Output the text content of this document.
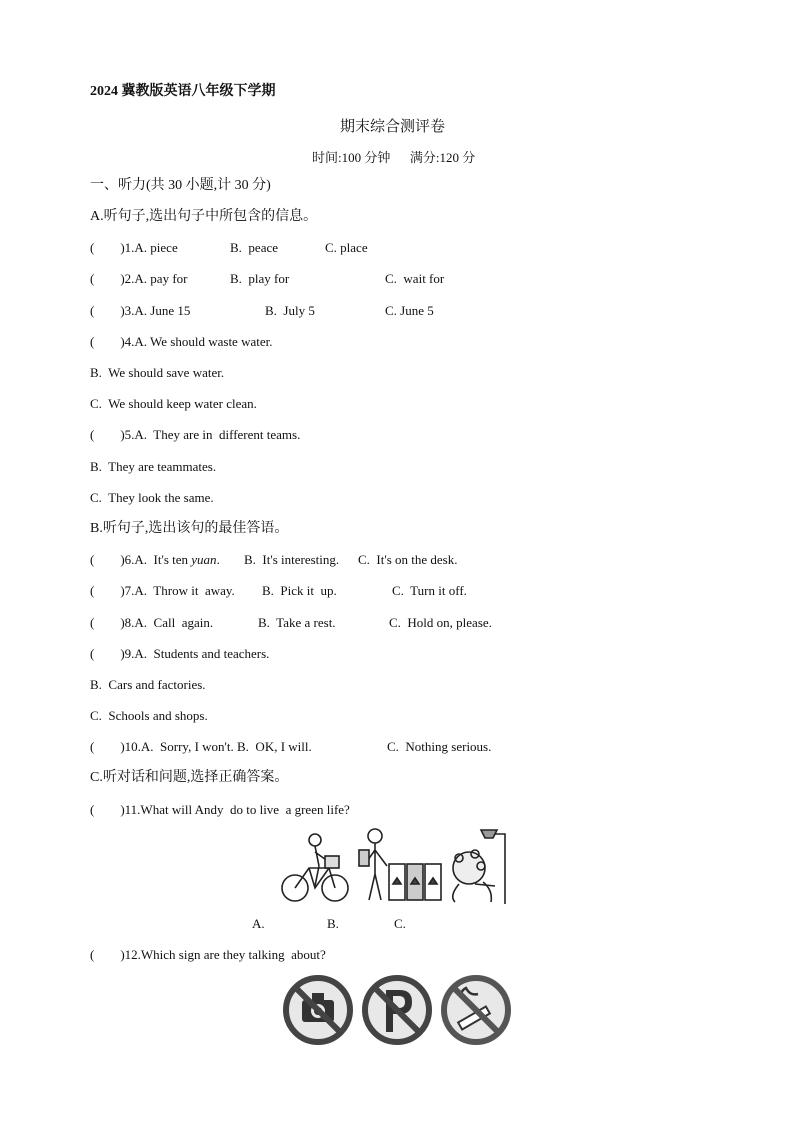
2024 冀教版英语八年级下学期
期末综合测评卷
时间:100 分钟      满分:120 分
一、听力(共 30 小题,计 30 分)
A.听句子,选出句子中所包含的信息。
(        )1.A. piece	B.  peace	C. place
(        )2.A. pay for	B.  play for	C.  wait for
(        )3.A. June 15	B.  July 5	C. June 5
(        )4.A. We should waste water.
B.  We should save water.
C.  We should keep water clean.
(        )5.A.  They are in  different teams.
B.  They are teammates.
C.  They look the same.
B.听句子,选出该句的最佳答语。
(        )6.A.  It's ten yuan. B.  It's interesting. C.  It's on the desk.
(        )7.A.  Throw it  away. B.  Pick it  up.	C.  Turn it off.
(        )8.A.  Call  again.	B.  Take a rest.	C.  Hold on, please.
(        )9.A.  Students and teachers.
B.  Cars and factories.
C.  Schools and shops.
(        )10.A.  Sorry, I won't. B.  OK, I will.	C.  Nothing serious.
C.听对话和问题,选择正确答案。
(        )11.What will Andy  do to live  a green life?
A.	B.	C.
(        )12.Which sign are they talking  about?
